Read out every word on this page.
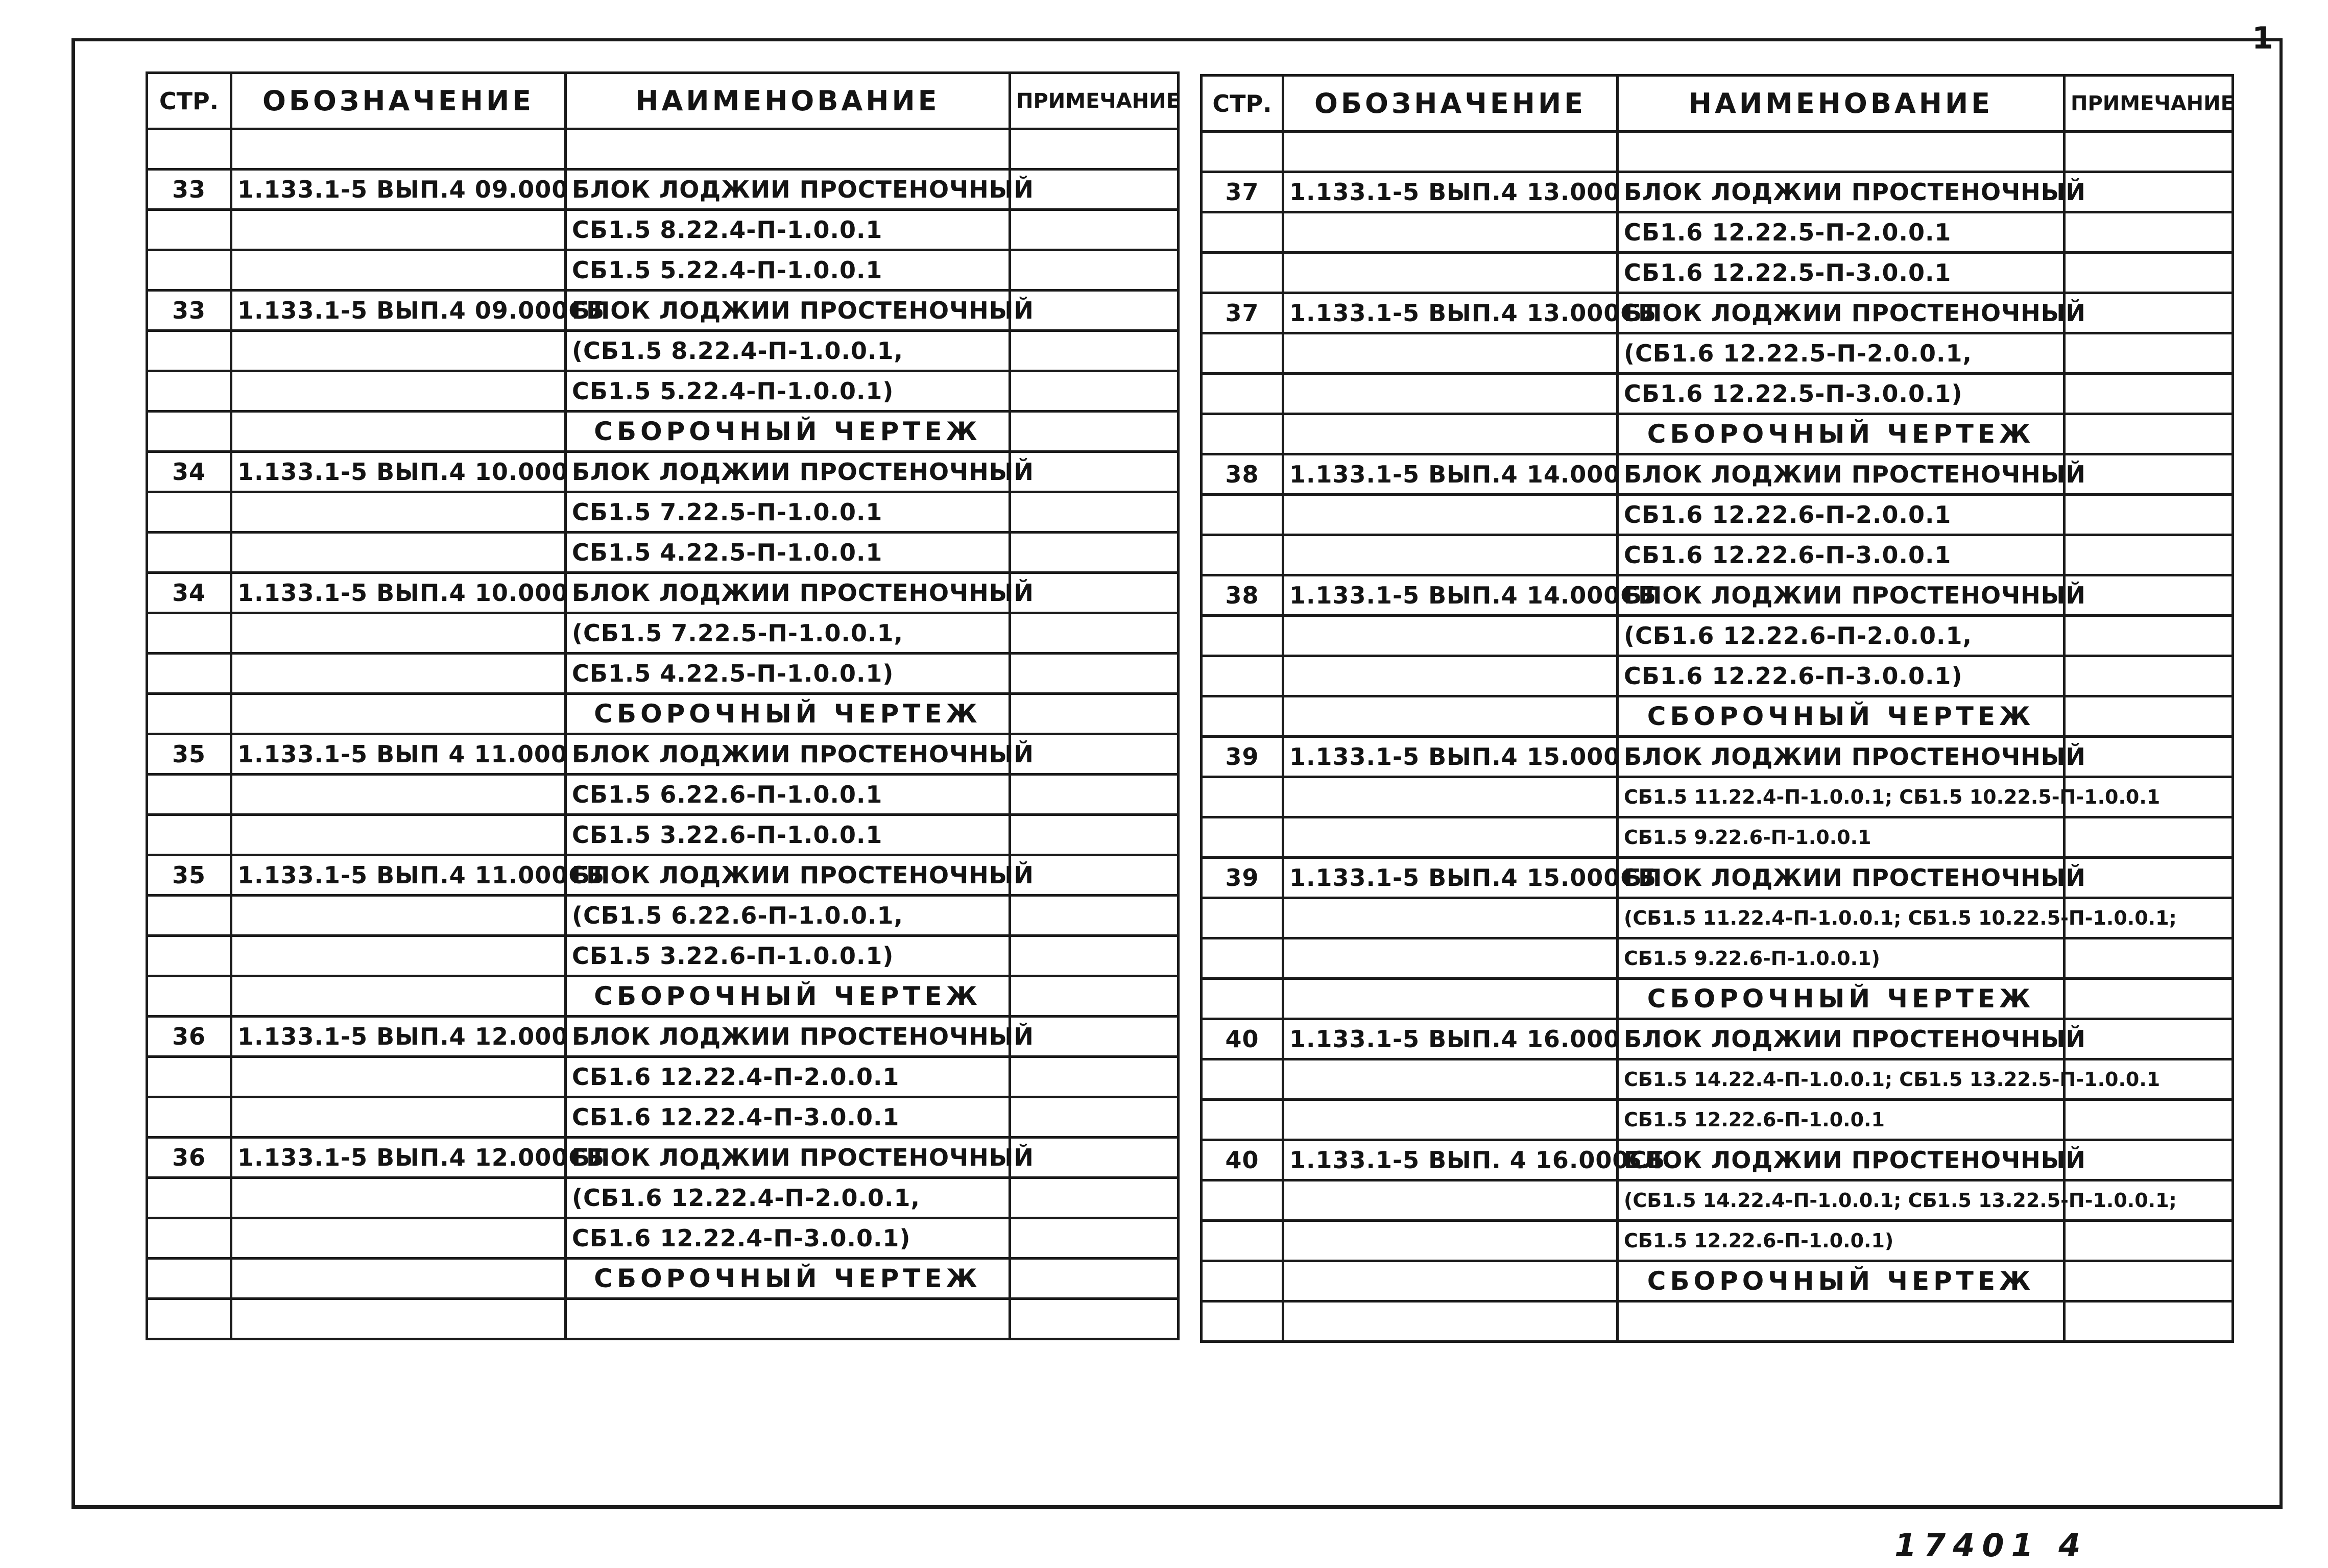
1
СТР.	ОБОЗНАЧЕНИЕ	НАИМЕНОВАНИЕ	ПРИМЕЧАНИЕ

33	1.133.1-5 ВЫП.4 09.000	БЛОК ЛОДЖИИ ПРОСТЕНОЧНЫЙ	
		СБ1.5 8.22.4-П-1.0.0.1	
		СБ1.5 5.22.4-П-1.0.0.1	
33	1.133.1-5 ВЫП.4 09.000СБ	БЛОК ЛОДЖИИ ПРОСТЕНОЧНЫЙ	
		(СБ1.5 8.22.4-П-1.0.0.1,	
		СБ1.5 5.22.4-П-1.0.0.1)	
		СБОРОЧНЫЙ ЧЕРТЕЖ	
34	1.133.1-5 ВЫП.4 10.000	БЛОК ЛОДЖИИ ПРОСТЕНОЧНЫЙ	
		СБ1.5 7.22.5-П-1.0.0.1	
		СБ1.5 4.22.5-П-1.0.0.1	
34	1.133.1-5 ВЫП.4 10.000	БЛОК ЛОДЖИИ ПРОСТЕНОЧНЫЙ	
		(СБ1.5 7.22.5-П-1.0.0.1,	
		СБ1.5 4.22.5-П-1.0.0.1)	
		СБОРОЧНЫЙ ЧЕРТЕЖ	
35	1.133.1-5 ВЫП 4 11.000	БЛОК ЛОДЖИИ ПРОСТЕНОЧНЫЙ	
		СБ1.5 6.22.6-П-1.0.0.1	
		СБ1.5 3.22.6-П-1.0.0.1	
35	1.133.1-5 ВЫП.4 11.000СБ	БЛОК ЛОДЖИИ ПРОСТЕНОЧНЫЙ	
		(СБ1.5 6.22.6-П-1.0.0.1,	
		СБ1.5 3.22.6-П-1.0.0.1)	
		СБОРОЧНЫЙ ЧЕРТЕЖ	
36	1.133.1-5 ВЫП.4 12.000	БЛОК ЛОДЖИИ ПРОСТЕНОЧНЫЙ	
		СБ1.6 12.22.4-П-2.0.0.1	
		СБ1.6 12.22.4-П-3.0.0.1	
36	1.133.1-5 ВЫП.4 12.000СБ	БЛОК ЛОДЖИИ ПРОСТЕНОЧНЫЙ	
		(СБ1.6 12.22.4-П-2.0.0.1,	
		СБ1.6 12.22.4-П-3.0.0.1)	
		СБОРОЧНЫЙ ЧЕРТЕЖ	

СТР.	ОБОЗНАЧЕНИЕ	НАИМЕНОВАНИЕ	ПРИМЕЧАНИЕ

37	1.133.1-5 ВЫП.4 13.000	БЛОК ЛОДЖИИ ПРОСТЕНОЧНЫЙ	
		СБ1.6 12.22.5-П-2.0.0.1	
		СБ1.6 12.22.5-П-3.0.0.1	
37	1.133.1-5 ВЫП.4 13.000СБ	БЛОК ЛОДЖИИ ПРОСТЕНОЧНЫЙ	
		(СБ1.6 12.22.5-П-2.0.0.1,	
		СБ1.6 12.22.5-П-3.0.0.1)	
		СБОРОЧНЫЙ ЧЕРТЕЖ	
38	1.133.1-5 ВЫП.4 14.000	БЛОК ЛОДЖИИ ПРОСТЕНОЧНЫЙ	
		СБ1.6 12.22.6-П-2.0.0.1	
		СБ1.6 12.22.6-П-3.0.0.1	
38	1.133.1-5 ВЫП.4 14.000СБ	БЛОК ЛОДЖИИ ПРОСТЕНОЧНЫЙ	
		(СБ1.6 12.22.6-П-2.0.0.1,	
		СБ1.6 12.22.6-П-3.0.0.1)	
		СБОРОЧНЫЙ ЧЕРТЕЖ	
39	1.133.1-5 ВЫП.4 15.000	БЛОК ЛОДЖИИ ПРОСТЕНОЧНЫЙ	
		СБ1.5 11.22.4-П-1.0.0.1; СБ1.5 10.22.5-П-1.0.0.1	
		СБ1.5 9.22.6-П-1.0.0.1	
39	1.133.1-5 ВЫП.4 15.000СБ	БЛОК ЛОДЖИИ ПРОСТЕНОЧНЫЙ	
		(СБ1.5 11.22.4-П-1.0.0.1; СБ1.5 10.22.5-П-1.0.0.1;	
		СБ1.5 9.22.6-П-1.0.0.1)	
		СБОРОЧНЫЙ ЧЕРТЕЖ	
40	1.133.1-5 ВЫП.4 16.000	БЛОК ЛОДЖИИ ПРОСТЕНОЧНЫЙ	
		СБ1.5 14.22.4-П-1.0.0.1; СБ1.5 13.22.5-П-1.0.0.1	
		СБ1.5 12.22.6-П-1.0.0.1	
40	1.133.1-5 ВЫП. 4 16.000СБ	БЛОК ЛОДЖИИ ПРОСТЕНОЧНЫЙ	
		(СБ1.5 14.22.4-П-1.0.0.1; СБ1.5 13.22.5-П-1.0.0.1;	
		СБ1.5 12.22.6-П-1.0.0.1)	
		СБОРОЧНЫЙ ЧЕРТЕЖ	

17401 4
